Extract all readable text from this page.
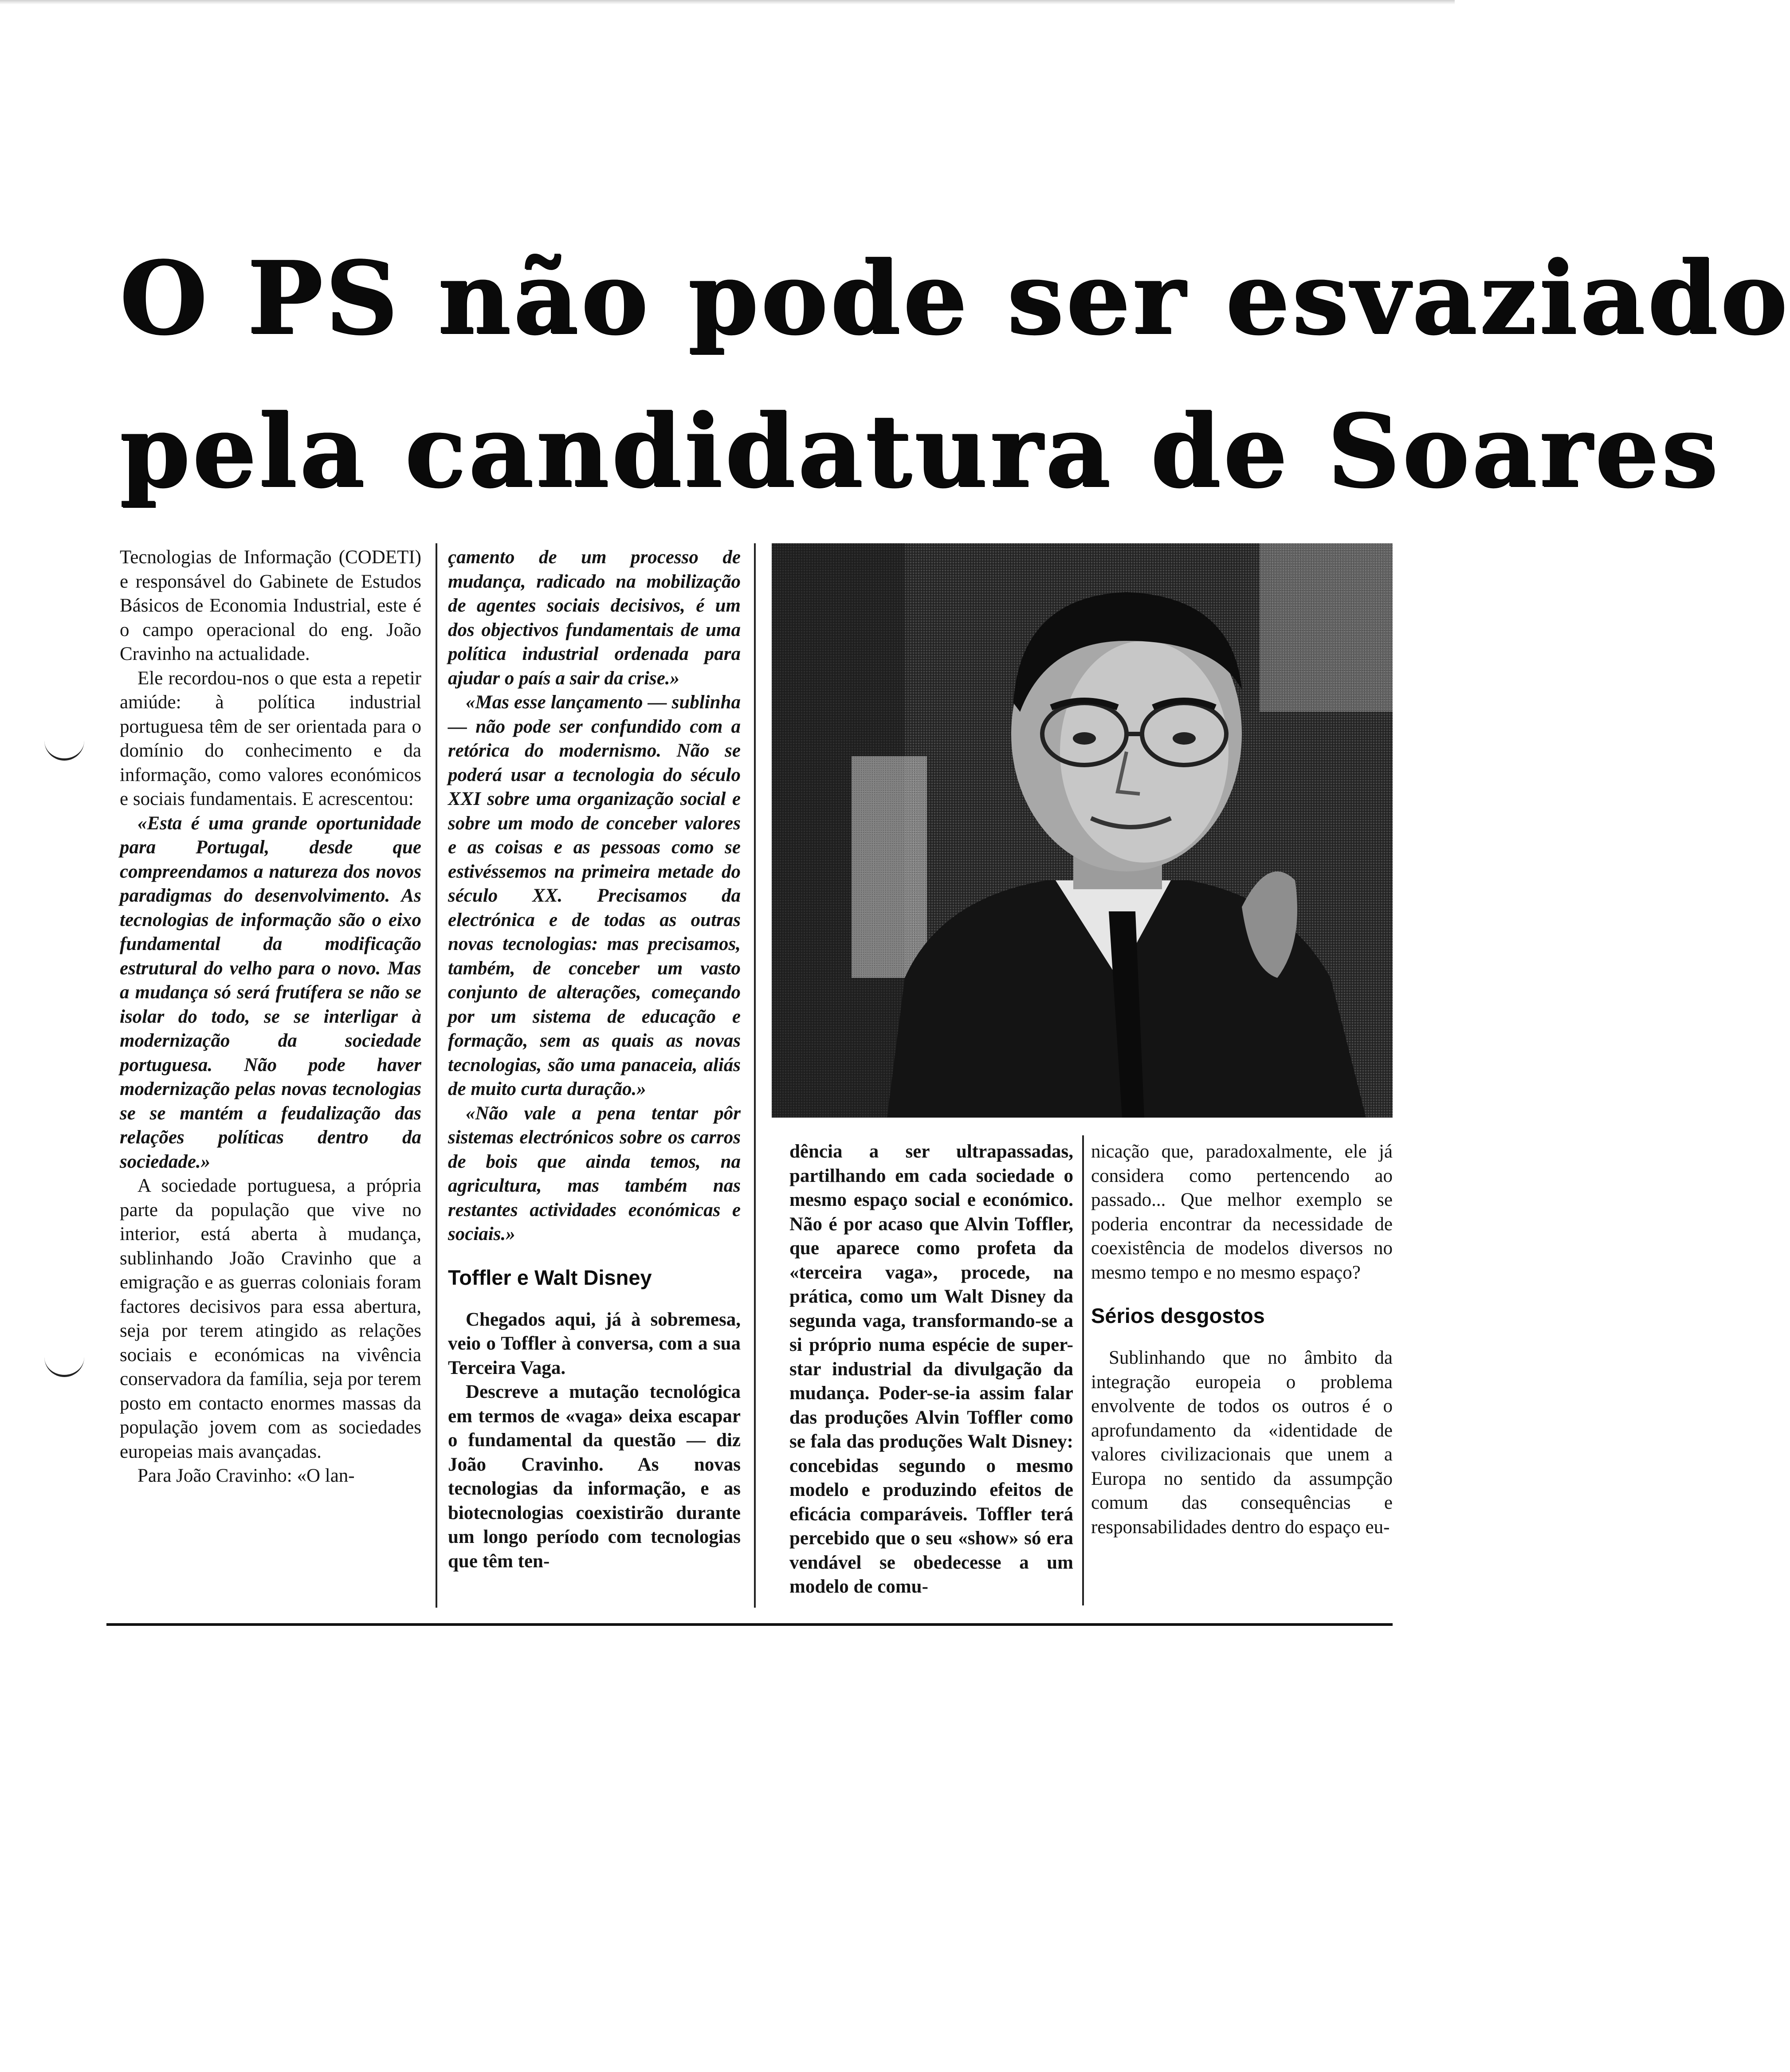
O PS não pode ser esvaziado
pela candidatura de Soares

Tecnologias de Informação (CODETI) e responsável do Gabinete de Estudos Básicos de Economia Industrial, este é o campo operacional do eng. João Cravinho na actualidade.

Ele recordou-nos o que esta a repetir amiúde: à política industrial portuguesa têm de ser orientada para o domínio do conhecimento e da informação, como valores económicos e sociais fundamentais. E acrescentou:

«Esta é uma grande oportunidade para Portugal, desde que compreendamos a natureza dos novos paradigmas do desenvolvimento. As tecnologias de informação são o eixo fundamental da modificação estrutural do velho para o novo. Mas a mudança só será frutífera se não se isolar do todo, se se interligar à modernização da sociedade portuguesa. Não pode haver modernização pelas novas tecnologias se se mantém a feudalização das relações políticas dentro da sociedade.»

A sociedade portuguesa, a própria parte da população que vive no interior, está aberta à mudança, sublinhando João Cravinho que a emigração e as guerras coloniais foram factores decisivos para essa abertura, seja por terem atingido as relações sociais e económicas na vivência conservadora da família, seja por terem posto em contacto enormes massas da população jovem com as sociedades europeias mais avançadas.

Para João Cravinho: «O lan-

çamento de um processo de mudança, radicado na mobilização de agentes sociais decisivos, é um dos objectivos fundamentais de uma política industrial ordenada para ajudar o país a sair da crise.»

«Mas esse lançamento — sublinha — não pode ser confundido com a retórica do modernismo. Não se poderá usar a tecnologia do século XXI sobre uma organização social e sobre um modo de conceber valores e as coisas e as pessoas como se estivéssemos na primeira metade do século XX. Precisamos da electrónica e de todas as outras novas tecnologias: mas precisamos, também, de conceber um vasto conjunto de alterações, começando por um sistema de educação e formação, sem as quais as novas tecnologias, são uma panaceia, aliás de muito curta duração.»

«Não vale a pena tentar pôr sistemas electrónicos sobre os carros de bois que ainda temos, na agricultura, mas também nas restantes actividades económicas e sociais.»

Toffler e Walt Disney

Chegados aqui, já à sobremesa, veio o Toffler à conversa, com a sua Terceira Vaga.

Descreve a mutação tecnológica em termos de «vaga» deixa escapar o fundamental da questão — diz João Cravinho. As novas tecnologias da informação, e as biotecnologias coexistirão durante um longo período com tecnologias que têm ten-

dência a ser ultrapassadas, partilhando em cada sociedade o mesmo espaço social e económico. Não é por acaso que Alvin Toffler, que aparece como profeta da «terceira vaga», procede, na prática, como um Walt Disney da segunda vaga, transformando-se a si próprio numa espécie de super-star industrial da divulgação da mudança. Poder-se-ia assim falar das produções Alvin Toffler como se fala das produções Walt Disney: concebidas segundo o mesmo modelo e produzindo efeitos de eficácia comparáveis. Toffler terá percebido que o seu «show» só era vendável se obedecesse a um modelo de comu-

nicação que, paradoxalmente, ele já considera como pertencendo ao passado... Que melhor exemplo se poderia encontrar da necessidade de coexistência de modelos diversos no mesmo tempo e no mesmo espaço?

Sérios desgostos

Sublinhando que no âmbito da integração europeia o problema envolvente de todos os outros é o aprofundamento da «identidade de valores civilizacionais que unem a Europa no sentido da assumpção comum das consequências e responsabilidades dentro do espaço eu-
